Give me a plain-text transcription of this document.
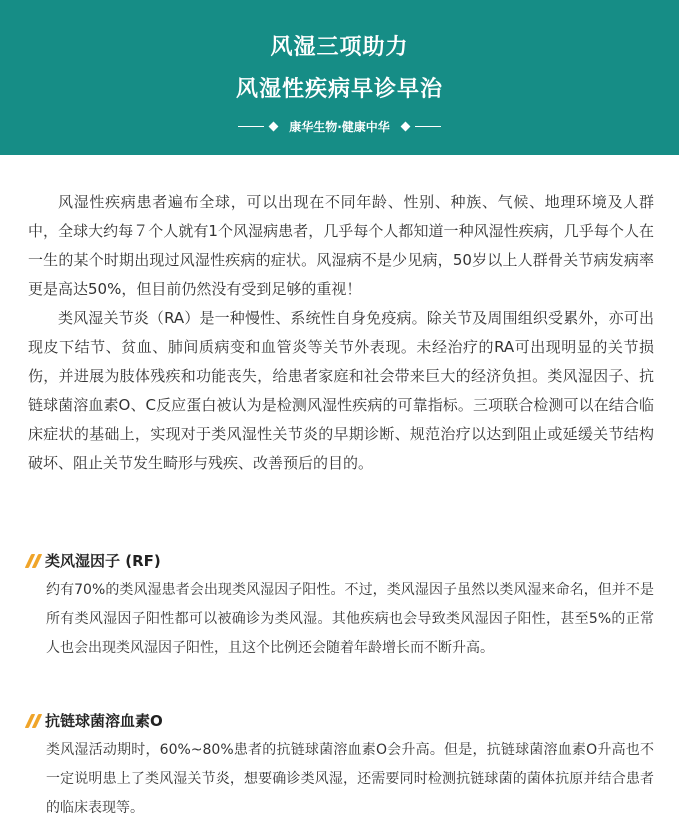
风湿三项助力
风湿性疾病早诊早治
康华生物·健康中华

风湿性疾病患者遍布全球，可以出现在不同年龄、性别、种族、气候、地理环境及人群中，全球大约每７个人就有1个风湿病患者，几乎每个人都知道一种风湿性疾病，几乎每个人在一生的某个时期出现过风湿性疾病的症状。风湿病不是少见病，50岁以上人群骨关节病发病率更是高达50%，但目前仍然没有受到足够的重视！

类风湿关节炎（RA）是一种慢性、系统性自身免疫病。除关节及周围组织受累外，亦可出现皮下结节、贫血、肺间质病变和血管炎等关节外表现。未经治疗的RA可出现明显的关节损伤，并进展为肢体残疾和功能丧失，给患者家庭和社会带来巨大的经济负担。类风湿因子、抗链球菌溶血素O、C反应蛋白被认为是检测风湿性疾病的可靠指标。三项联合检测可以在结合临床症状的基础上，实现对于类风湿性关节炎的早期诊断、规范治疗以达到阻止或延缓关节结构破坏、阻止关节发生畸形与残疾、改善预后的目的。

类风湿因子 (RF)

约有70%的类风湿患者会出现类风湿因子阳性。不过，类风湿因子虽然以类风湿来命名，但并不是所有类风湿因子阳性都可以被确诊为类风湿。其他疾病也会导致类风湿因子阳性，甚至5%的正常人也会出现类风湿因子阳性，且这个比例还会随着年龄增长而不断升高。

抗链球菌溶血素O

类风湿活动期时，60%~80%患者的抗链球菌溶血素O会升高。但是，抗链球菌溶血素O升高也不一定说明患上了类风湿关节炎，想要确诊类风湿，还需要同时检测抗链球菌的菌体抗原并结合患者的临床表现等。
